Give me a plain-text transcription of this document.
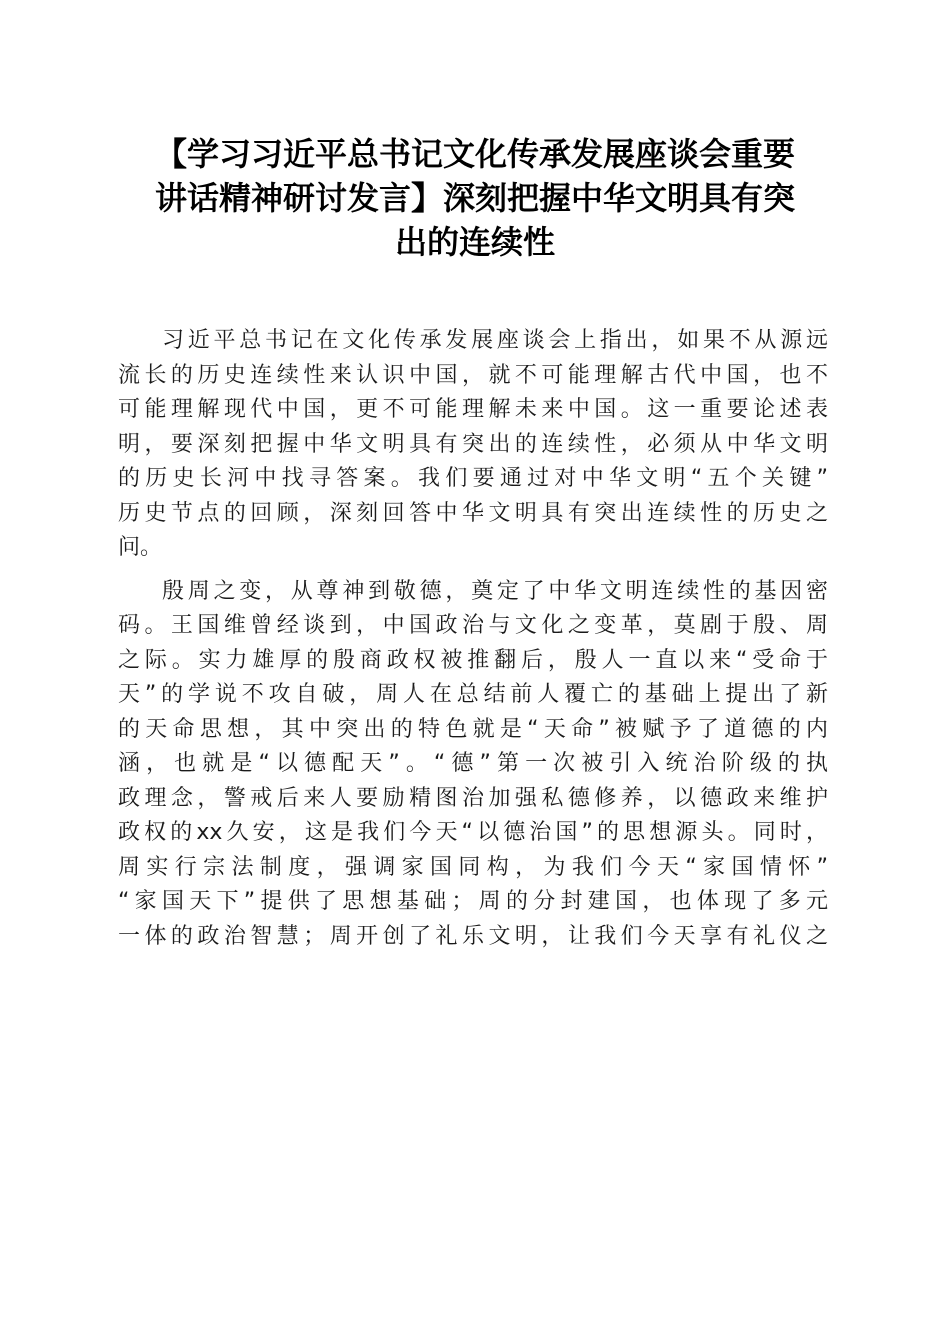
【学习习近平总书记文化传承发展座谈会重要
讲话精神研讨发言】深刻把握中华文明具有突
出的连续性
习近平总书记在文化传承发展座谈会上指出，如果不从源远
流长的历史连续性来认识中国，就不可能理解古代中国，也不
可能理解现代中国，更不可能理解未来中国。这一重要论述表
明，要深刻把握中华文明具有突出的连续性，必须从中华文明
的历史长河中找寻答案。我们要通过对中华文明“五个关键”
历史节点的回顾，深刻回答中华文明具有突出连续性的历史之
问。
殷周之变，从尊神到敬德，奠定了中华文明连续性的基因密
码。王国维曾经谈到，中国政治与文化之变革，莫剧于殷、周
之际。实力雄厚的殷商政权被推翻后，殷人一直以来“受命于
天”的学说不攻自破，周人在总结前人覆亡的基础上提出了新
的天命思想，其中突出的特色就是“天命”被赋予了道德的内
涵，也就是“以德配天”。“德”第一次被引入统治阶级的执
政理念，警戒后来人要励精图治加强私德修养，以德政来维护
政权的xx久安，这是我们今天“以德治国”的思想源头。同时，
周实行宗法制度，强调家国同构，为我们今天“家国情怀”
“家国天下”提供了思想基础；周的分封建国，也体现了多元
一体的政治智慧；周开创了礼乐文明，让我们今天享有礼仪之
